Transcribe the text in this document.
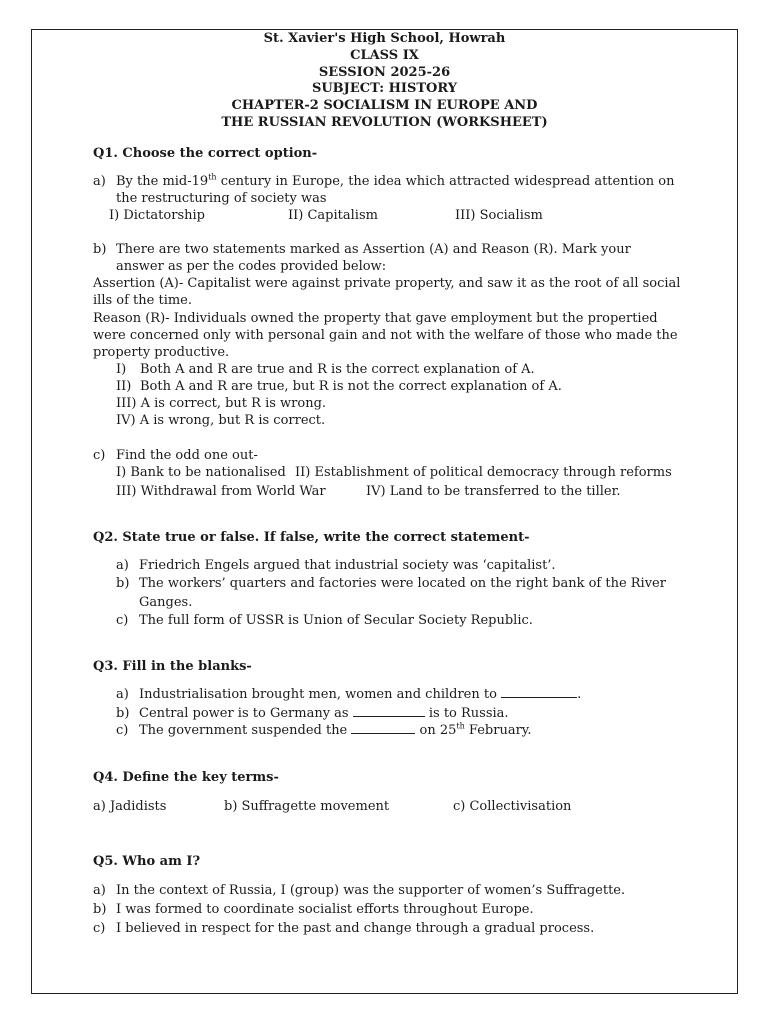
St. Xavier's High School, Howrah
CLASS IX
SESSION 2025-26
SUBJECT: HISTORY
CHAPTER-2 SOCIALISM IN EUROPE AND
THE RUSSIAN REVOLUTION (WORKSHEET)
Q1. Choose the correct option-
a) By the mid-19th century in Europe, the idea which attracted widespread attention on
the restructuring of society was
I) Dictatorship	II) Capitalism	III) Socialism
b) There are two statements marked as Assertion (A) and Reason (R). Mark your
answer as per the codes provided below:
Assertion (A)- Capitalist were against private property, and saw it as the root of all social
ills of the time.
Reason (R)- Individuals owned the property that gave employment but the propertied
were concerned only with personal gain and not with the welfare of those who made the
property productive.
I) Both A and R are true and R is the correct explanation of A.
II) Both A and R are true, but R is not the correct explanation of A.
III) A is correct, but R is wrong.
IV) A is wrong, but R is correct.
c) Find the odd one out-
I) Bank to be nationalised II) Establishment of political democracy through reforms
III) Withdrawal from World War	IV) Land to be transferred to the tiller.
Q2. State true or false. If false, write the correct statement-
a) Friedrich Engels argued that industrial society was ‘capitalist’.
b) The workers’ quarters and factories were located on the right bank of the River
Ganges.
c) The full form of USSR is Union of Secular Society Republic.
Q3. Fill in the blanks-
a) Industrialisation brought men, women and children to	.
b) Central power is to Germany as	is to Russia.
c) The government suspended the	on 25th February.
Q4. Define the key terms-
a) Jadidists	b) Suffragette movement	c) Collectivisation
Q5. Who am I?
a) In the context of Russia, I (group) was the supporter of women’s Suffragette.
b) I was formed to coordinate socialist efforts throughout Europe.
c) I believed in respect for the past and change through a gradual process.
